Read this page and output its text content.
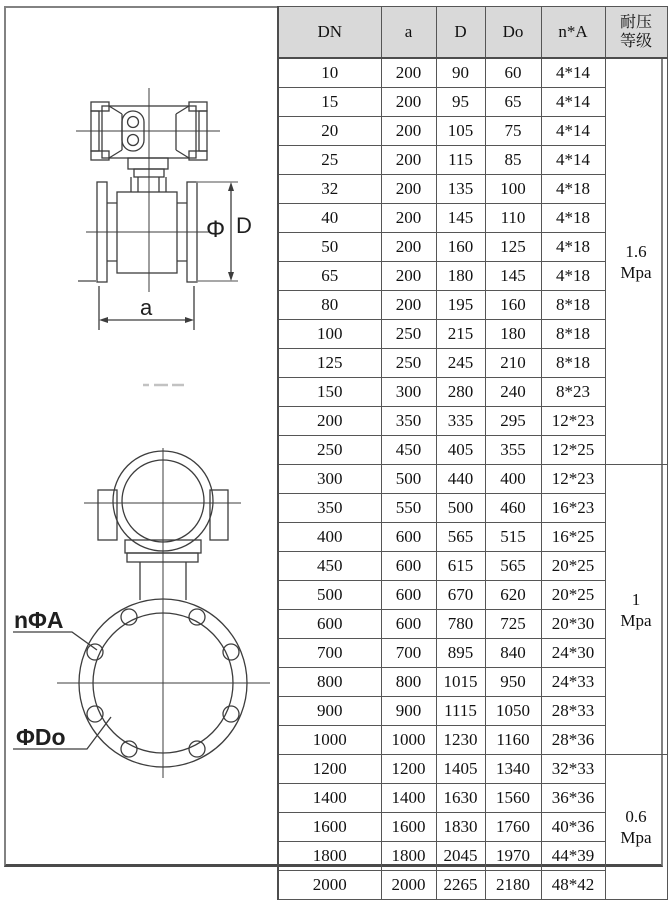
Φ D
a
nΦA
ΦDo
DN	a	D	Do	n*A	耐压
等级

10	200	90	60	4*14	1.6
Mpa

15	200	95	65	4*14	
20	200	105	75	4*14	
25	200	115	85	4*14	
32	200	135	100	4*18	
40	200	145	110	4*18	
50	200	160	125	4*18	
65	200	180	145	4*18	
80	200	195	160	8*18	
100	250	215	180	8*18	
125	250	245	210	8*18	
150	300	280	240	8*23	
200	350	335	295	12*23	
250	450	405	355	12*25	
300	500	440	400	12*23	1
Mpa

350	550	500	460	16*23	
400	600	565	515	16*25	
450	600	615	565	20*25	
500	600	670	620	20*25	
600	600	780	725	20*30	
700	700	895	840	24*30	
800	800	1015	950	24*33	
900	900	1115	1050	28*33	
1000	1000	1230	1160	28*36	
1200	1200	1405	1340	32*33	0.6
Mpa

1400	1400	1630	1560	36*36	
1600	1600	1830	1760	40*36	
1800	1800	2045	1970	44*39	
2000	2000	2265	2180	48*42	
